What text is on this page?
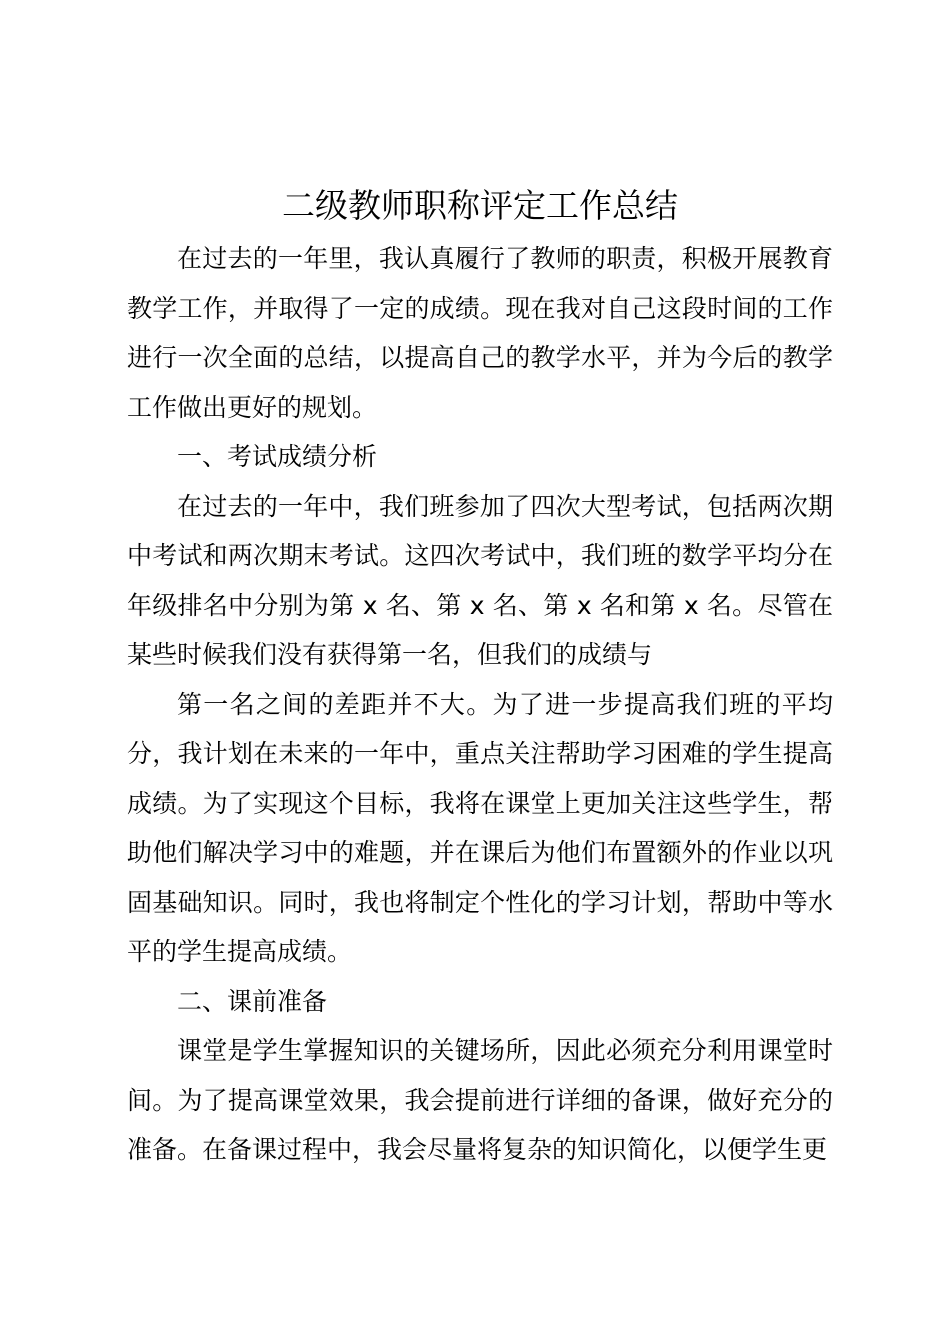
二级教师职称评定工作总结

在过去的一年里，我认真履行了教师的职责，积极开展教育教学工作，并取得了一定的成绩。现在我对自己这段时间的工作进行一次全面的总结，以提高自己的教学水平，并为今后的教学工作做出更好的规划。

一、考试成绩分析

在过去的一年中，我们班参加了四次大型考试，包括两次期中考试和两次期末考试。这四次考试中，我们班的数学平均分在年级排名中分别为第 x 名、第 x 名、第 x 名和第 x 名。尽管在某些时候我们没有获得第一名，但我们的成绩与

第一名之间的差距并不大。为了进一步提高我们班的平均分，我计划在未来的一年中，重点关注帮助学习困难的学生提高成绩。为了实现这个目标，我将在课堂上更加关注这些学生，帮助他们解决学习中的难题，并在课后为他们布置额外的作业以巩固基础知识。同时，我也将制定个性化的学习计划，帮助中等水平的学生提高成绩。

二、课前准备

课堂是学生掌握知识的关键场所，因此必须充分利用课堂时间。为了提高课堂效果，我会提前进行详细的备课，做好充分的准备。在备课过程中，我会尽量将复杂的知识简化，以便学生更
